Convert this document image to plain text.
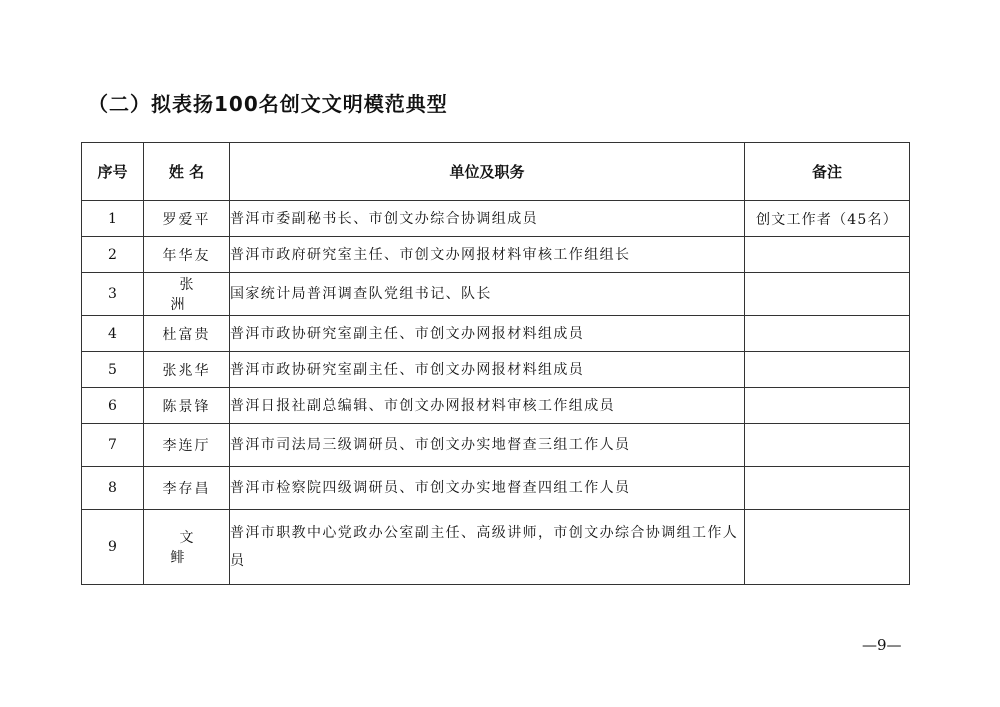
（二）拟表扬100名创文文明模范典型
序号	姓 名	单位及职务	备注
1	罗爱平	普洱市委副秘书长、市创文办综合协调组成员	创文工作者（45名）
2	年华友	普洱市政府研究室主任、市创文办网报材料审核工作组组长	
3	张 洲	国家统计局普洱调查队党组书记、队长	
4	杜富贵	普洱市政协研究室副主任、市创文办网报材料组成员	
5	张兆华	普洱市政协研究室副主任、市创文办网报材料组成员	
6	陈景锋	普洱日报社副总编辑、市创文办网报材料审核工作组成员	
7	李连厅	普洱市司法局三级调研员、市创文办实地督查三组工作人员	
8	李存昌	普洱市检察院四级调研员、市创文办实地督查四组工作人员	
9	文 鲱	普洱市职教中心党政办公室副主任、高级讲师，市创文办综合协调组工作人员	
—9—
